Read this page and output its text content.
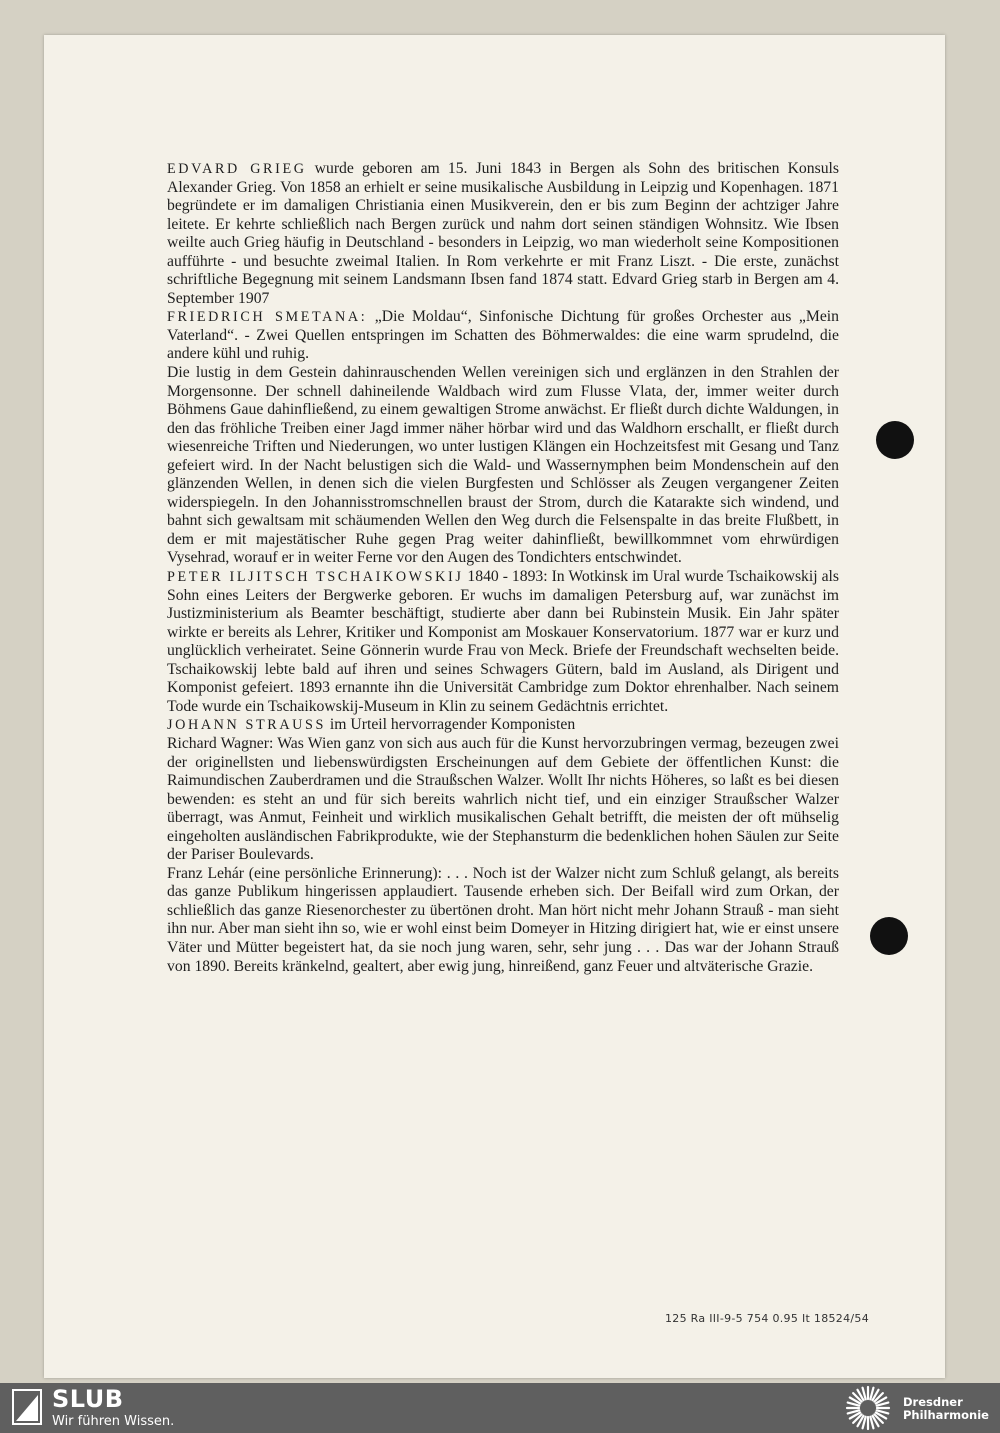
EDVARD GRIEG wurde geboren am 15. Juni 1843 in Bergen als Sohn des britischen Konsuls Alexander Grieg. Von 1858 an erhielt er seine musikalische Ausbildung in Leipzig und Kopenhagen. 1871 begründete er im damaligen Christiania einen Musikverein, den er bis zum Beginn der achtziger Jahre leitete. Er kehrte schließlich nach Bergen zurück und nahm dort seinen ständigen Wohnsitz. Wie Ibsen weilte auch Grieg häufig in Deutschland - besonders in Leipzig, wo man wiederholt seine Kompositionen aufführte - und besuchte zweimal Italien. In Rom verkehrte er mit Franz Liszt. - Die erste, zunächst schriftliche Begegnung mit seinem Landsmann Ibsen fand 1874 statt. Edvard Grieg starb in Bergen am 4. September 1907

FRIEDRICH SMETANA: „Die Moldau“, Sinfonische Dichtung für großes Orchester aus „Mein Vaterland“. - Zwei Quellen entspringen im Schatten des Böhmerwaldes: die eine warm sprudelnd, die andere kühl und ruhig.

Die lustig in dem Gestein dahinrauschenden Wellen vereinigen sich und erglänzen in den Strahlen der Morgensonne. Der schnell dahineilende Waldbach wird zum Flusse Vlata, der, immer weiter durch Böhmens Gaue dahinfließend, zu einem gewaltigen Strome anwächst. Er fließt durch dichte Waldungen, in den das fröhliche Treiben einer Jagd immer näher hörbar wird und das Waldhorn erschallt, er fließt durch wiesenreiche Triften und Niederungen, wo unter lustigen Klängen ein Hochzeitsfest mit Gesang und Tanz gefeiert wird. In der Nacht belustigen sich die Wald- und Wassernymphen beim Mondenschein auf den glänzenden Wellen, in denen sich die vielen Burgfesten und Schlösser als Zeugen vergangener Zeiten widerspiegeln. In den Johannisstromschnellen braust der Strom, durch die Katarakte sich windend, und bahnt sich gewaltsam mit schäumenden Wellen den Weg durch die Felsenspalte in das breite Flußbett, in dem er mit majestätischer Ruhe gegen Prag weiter dahinfließt, bewillkommnet vom ehrwürdigen Vysehrad, worauf er in weiter Ferne vor den Augen des Tondichters entschwindet.

PETER ILJITSCH TSCHAIKOWSKIJ 1840 - 1893: In Wotkinsk im Ural wurde Tschaikowskij als Sohn eines Leiters der Bergwerke geboren. Er wuchs im damaligen Petersburg auf, war zunächst im Justizministerium als Beamter beschäftigt, studierte aber dann bei Rubinstein Musik. Ein Jahr später wirkte er bereits als Lehrer, Kritiker und Komponist am Moskauer Konservatorium. 1877 war er kurz und unglücklich verheiratet. Seine Gönnerin wurde Frau von Meck. Briefe der Freundschaft wechselten beide. Tschaikowskij lebte bald auf ihren und seines Schwagers Gütern, bald im Ausland, als Dirigent und Komponist gefeiert. 1893 ernannte ihn die Universität Cambridge zum Doktor ehrenhalber. Nach seinem Tode wurde ein Tschaikowskij-Museum in Klin zu seinem Gedächtnis errichtet.

JOHANN STRAUSS im Urteil hervorragender Komponisten

Richard Wagner: Was Wien ganz von sich aus auch für die Kunst hervorzubringen vermag, bezeugen zwei der originellsten und liebenswürdigsten Erscheinungen auf dem Gebiete der öffentlichen Kunst: die Raimundischen Zauberdramen und die Straußschen Walzer. Wollt Ihr nichts Höheres, so laßt es bei diesen bewenden: es steht an und für sich bereits wahrlich nicht tief, und ein einziger Straußscher Walzer überragt, was Anmut, Feinheit und wirklich musikalischen Gehalt betrifft, die meisten der oft mühselig eingeholten ausländischen Fabrikprodukte, wie der Stephansturm die bedenklichen hohen Säulen zur Seite der Pariser Boulevards.

Franz Lehár (eine persönliche Erinnerung): . . . Noch ist der Walzer nicht zum Schluß gelangt, als bereits das ganze Publikum hingerissen applaudiert. Tausende erheben sich. Der Beifall wird zum Orkan, der schließlich das ganze Riesenorchester zu übertönen droht. Man hört nicht mehr Johann Strauß - man sieht ihn nur. Aber man sieht ihn so, wie er wohl einst beim Domeyer in Hitzing dirigiert hat, wie er einst unsere Väter und Mütter begeistert hat, da sie noch jung waren, sehr, sehr jung . . . Das war der Johann Strauß von 1890. Bereits kränkelnd, gealtert, aber ewig jung, hinreißend, ganz Feuer und altväterische Grazie.

125 Ra III-9-5 754 0.95 It 18524/54
SLUB
Wir führen Wissen.
Dresdner
Philharmonie
